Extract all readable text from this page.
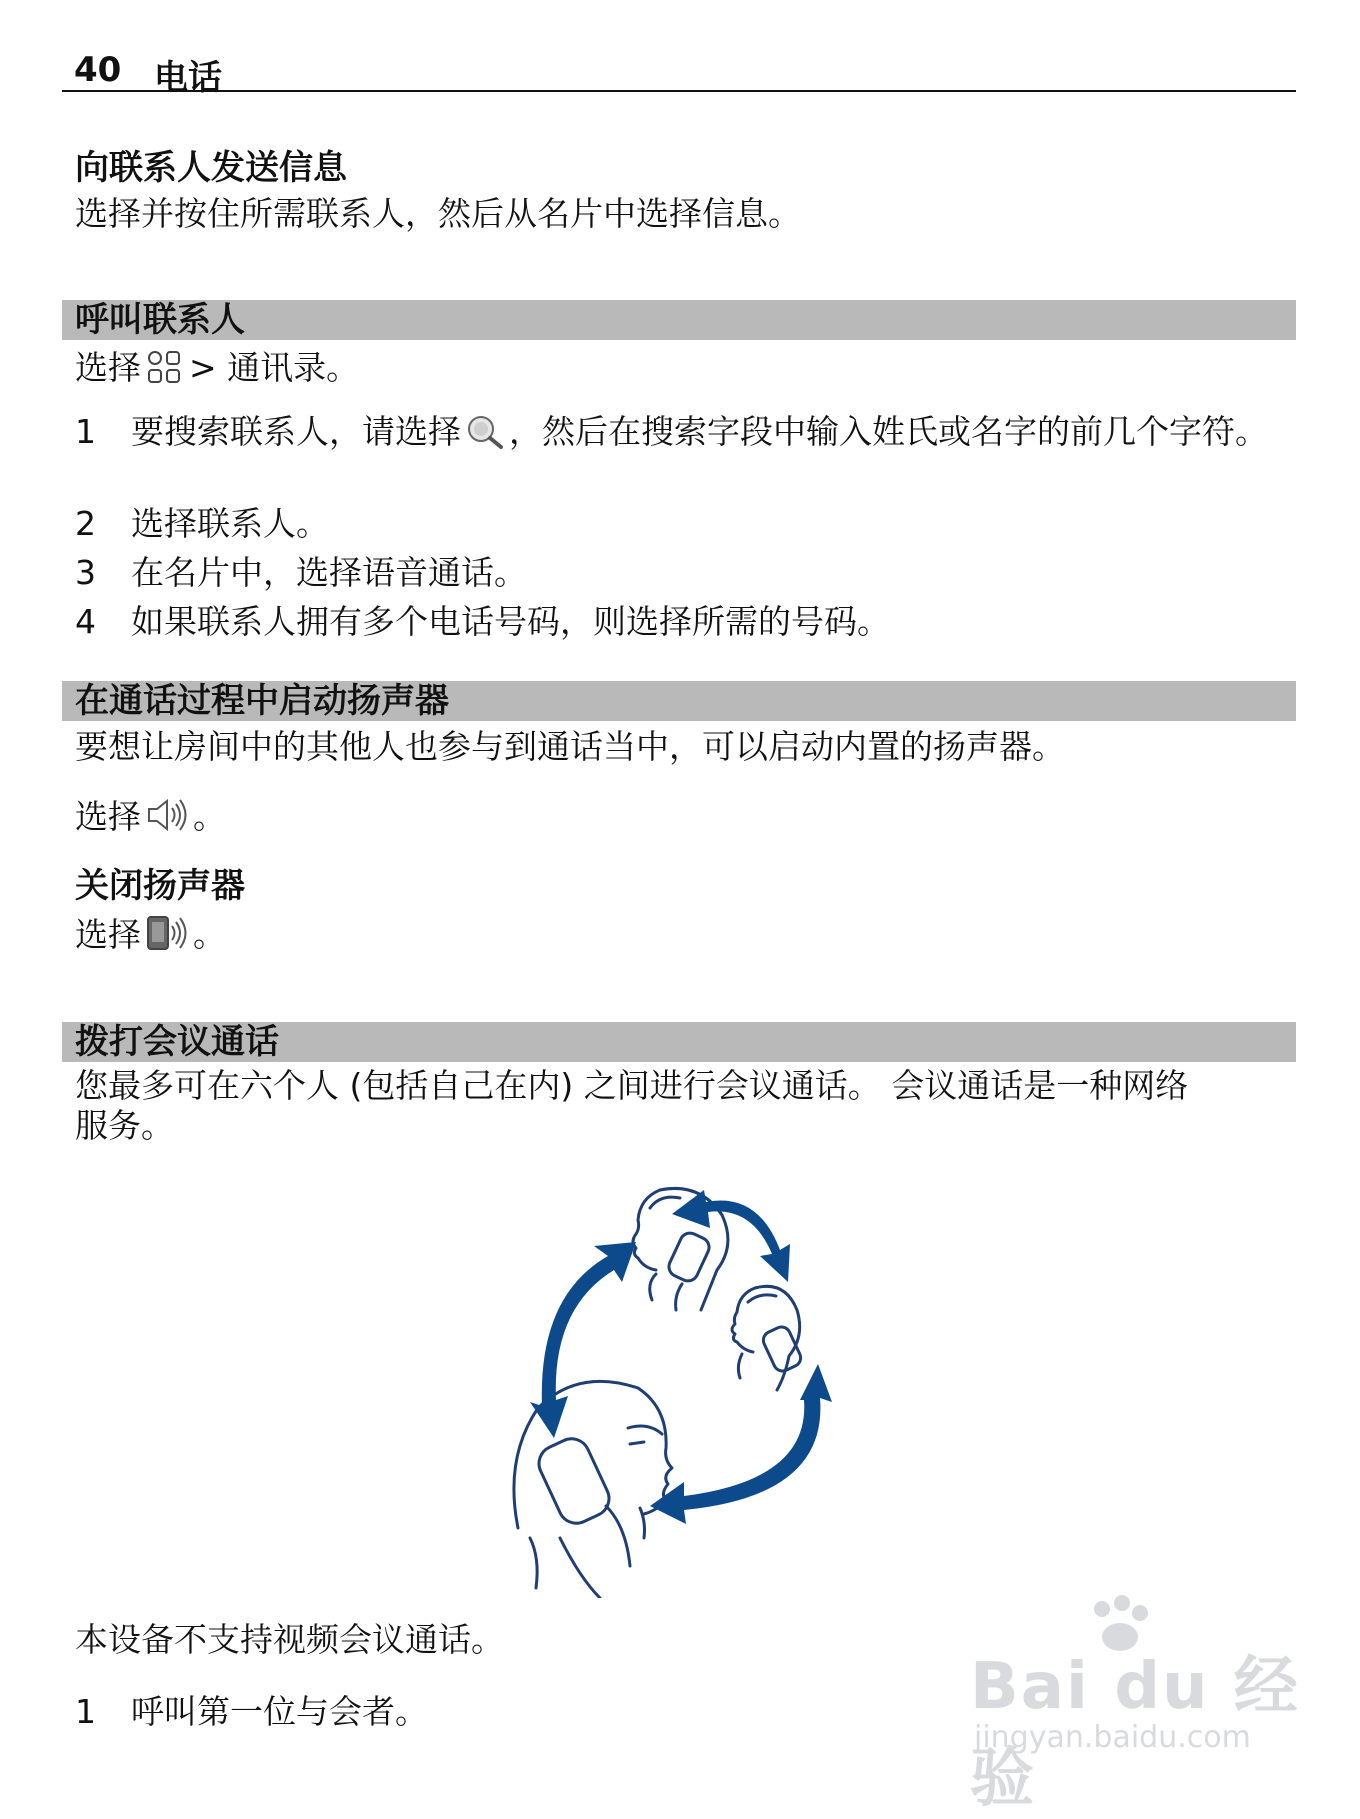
40 电话
向联系人发送信息
选择并按住所需联系人，然后从名片中选择信息。
呼叫联系人
选择 > 通讯录。
1 要搜索联系人，请选择 ，然后在搜索字段中输入姓氏或名字的前几个字符。
2 选择联系人。
3 在名片中，选择语音通话。
4 如果联系人拥有多个电话号码，则选择所需的号码。
在通话过程中启动扬声器
要想让房间中的其他人也参与到通话当中，可以启动内置的扬声器。
选择 。
关闭扬声器
选择 。
拨打会议通话
您最多可在六个人 (包括自己在内) 之间进行会议通话。 会议通话是一种网络
服务。
本设备不支持视频会议通话。
1 呼叫第一位与会者。	Bai du 经验
jingyan.baidu.com
